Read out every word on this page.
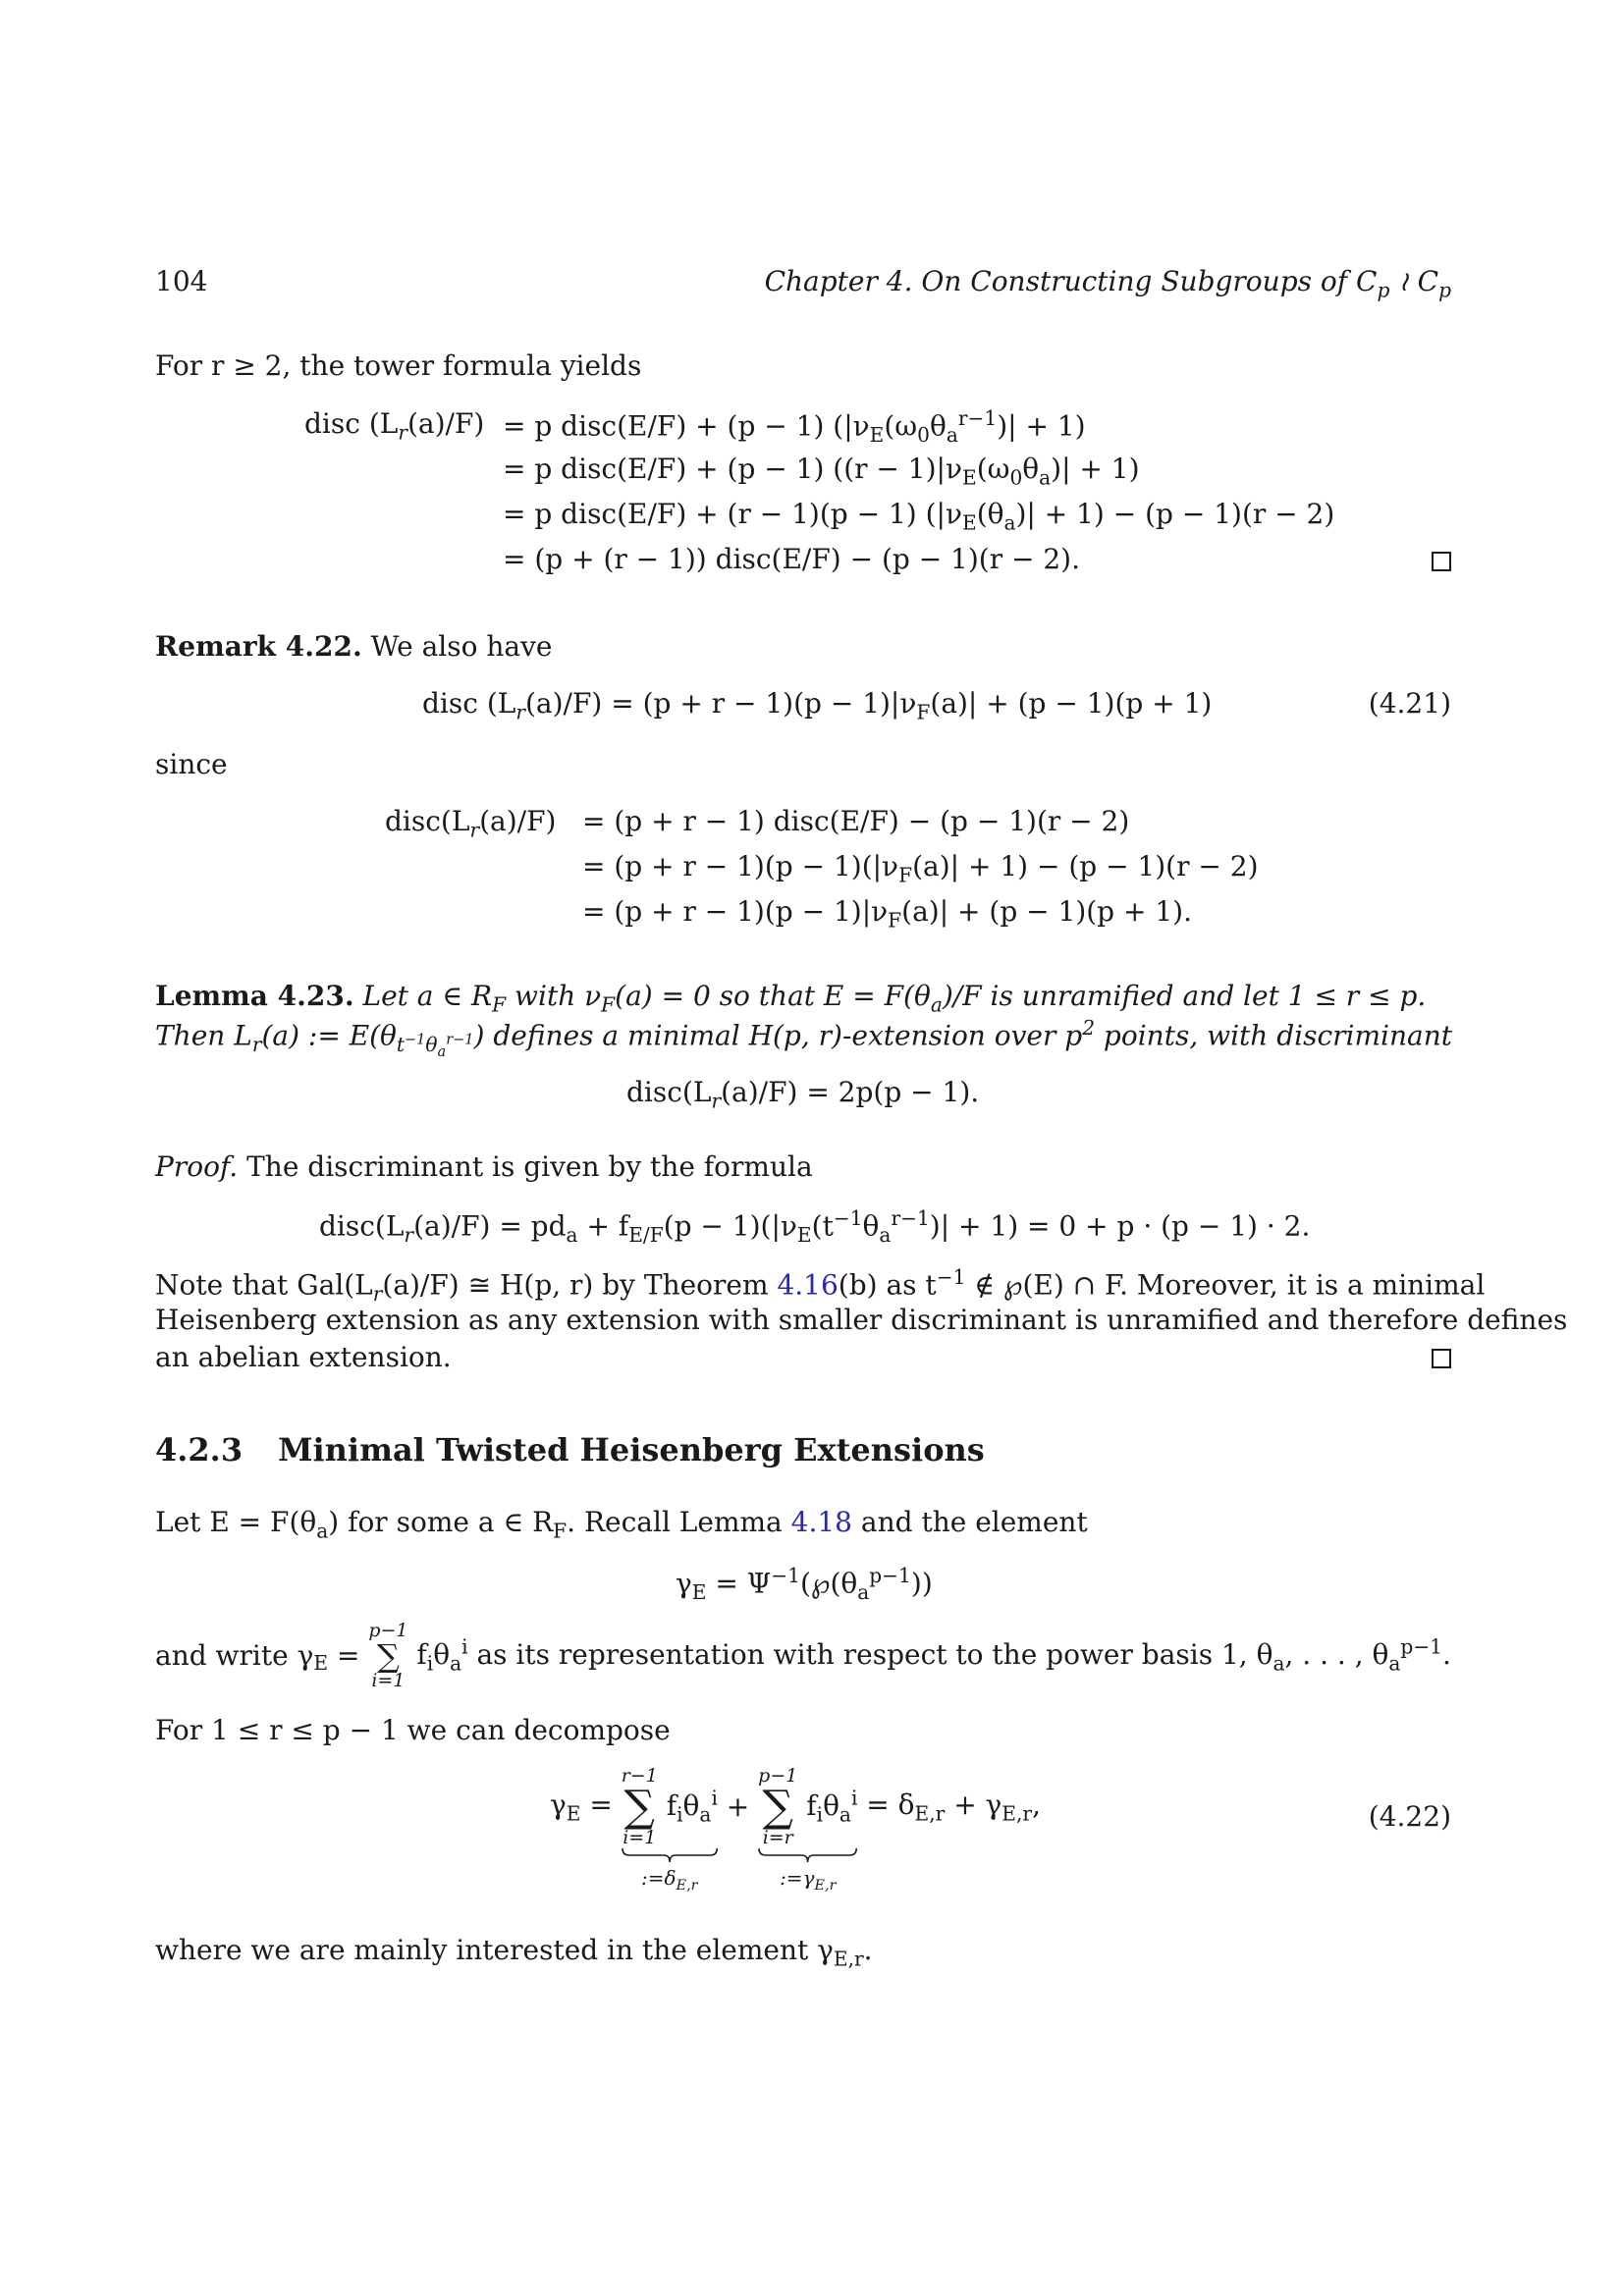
104	Chapter 4. On Constructing Subgroups of $C_p$ ≀ $C_p$
For r ≥ 2, the tower formula yields
disc $(L_r(a)/F) = p$ disc(E/F) + (p − 1) $(|\nu_E(\omega_0\theta_a^{r-1})| + 1)$
= p disc(E/F) + (p − 1) $((r - 1)|\nu_E(\omega_0\theta_a)| + 1)$
= p disc(E/F) + (r − 1)(p − 1) $(|\nu_E(\theta_a)| + 1) - (p - 1)(r - 2)$
= (p + (r − 1)) disc(E/F) − (p − 1)(r − 2).
Remark 4.22. We also have
disc $(L_r(a)/F) = (p + r - 1)(p - 1)|\nu_F(a)| + (p - 1)(p + 1)$	(4.21)
since
$disc(L_r(a)/F) = (p + r - 1)$ disc(E/F) − (p − 1)(r − 2)
= $(p + r - 1)(p - 1)(|\nu_F(a)| + 1) - (p - 1)(r - 2)$
= $(p + r - 1)(p - 1)|\nu_F(a)| + (p - 1)(p + 1)$.
Lemma 4.23. Let a ∈ $R_F$ with $\nu_F(a) = 0$ so that $E = F(\theta_a)/F$ is unramified and let 1 ≤ r ≤ p.
Then $L_r(a)$ := $E(\theta_{t^{-1}\theta_a^{r-1}})$ defines a minimal H(p, r)-extension over $p^2$ points, with discriminant
$disc(L_r(a)/F) = 2p(p - 1)$.
Proof. The discriminant is given by the formula
$disc(L_r(a)/F) = pd_a + f_{E/F}(p - 1)(|\nu_E(t^{-1}\theta_a^{r-1})| + 1) = 0 + p \cdot (p - 1) \cdot 2$.
Note that $Gal(L_r(a)/F)$ ≅ H(p, r) by Theorem 4.16(b) as $t^{-1}$ ∉ ℘(E) ∩ F. Moreover, it is a minimal
Heisenberg extension as any extension with smaller discriminant is unramified and therefore defines
an abelian extension.
4.2.3 Minimal Twisted Heisenberg Extensions
Let $E = F(\theta_a)$ for some a ∈ $R_F$. Recall Lemma 4.18 and the element
$\gamma_E$ = $\Psi^{-1}(℘(\theta_a^{p-1}))$
and write $\gamma_E$ =
p−1
∑
i=1
$f_i\theta_a^i$ as its representation with respect to the power basis 1, $\theta_a$, . . . , $\theta_a^{p-1}$.
For 1 ≤ r ≤ p − 1 we can decompose
$\gamma_E$ =
r−1
∑
i=1
$f_i\theta_a^i$
$:=\delta_{E,r}$
+
p−1
∑
i=r
$f_i\theta_a^i$
$:=\gamma_{E,r}$
= $\delta_{E,r} + \gamma_{E,r}$,	(4.22)
where we are mainly interested in the element $\gamma_{E,r}$.
